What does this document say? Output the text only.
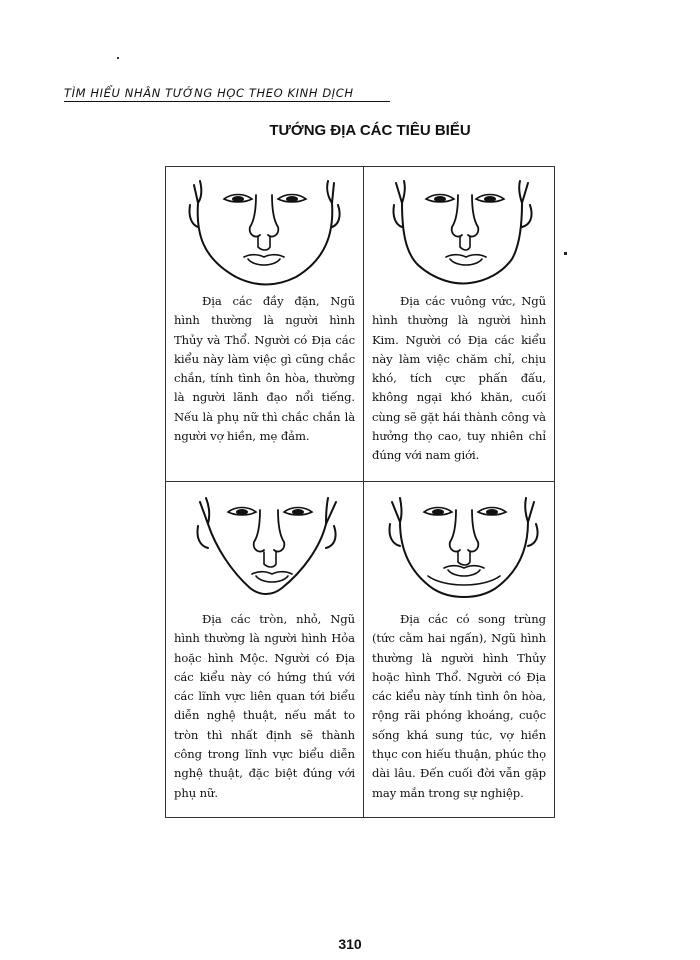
TÌM HIỂU NHÂN TƯỚNG HỌC THEO KINH DỊCH
TƯỚNG ĐỊA CÁC TIÊU BIỂU
Địa các đầy đặn, Ngũ hình thường là người hình Thủy và Thổ. Người có Địa các kiểu này làm việc gì cũng chắc chắn, tính tình ôn hòa, thường là người lãnh đạo nổi tiếng. Nếu là phụ nữ thì chắc chắn là người vợ hiền, mẹ đảm.
Địa các vuông vức, Ngũ hình thường là người hình Kim. Người có Địa các kiểu này làm việc chăm chỉ, chịu khó, tích cực phấn đấu, không ngại khó khăn, cuối cùng sẽ gặt hái thành công và hưởng thọ cao, tuy nhiên chỉ đúng với nam giới.
Địa các tròn, nhỏ, Ngũ hình thường là người hình Hỏa hoặc hình Mộc. Người có Địa các kiểu này có hứng thú với các lĩnh vực liên quan tới biểu diễn nghệ thuật, nếu mắt to tròn thì nhất định sẽ thành công trong lĩnh vực biểu diễn nghệ thuật, đặc biệt đúng với phụ nữ.
Địa các có song trùng (tức cằm hai ngấn), Ngũ hình thường là người hình Thủy hoặc hình Thổ. Người có Địa các kiểu này tính tình ôn hòa, rộng rãi phóng khoáng, cuộc sống khá sung túc, vợ hiền thục con hiếu thuận, phúc thọ dài lâu. Đến cuối đời vẫn gặp may mắn trong sự nghiệp.
310
